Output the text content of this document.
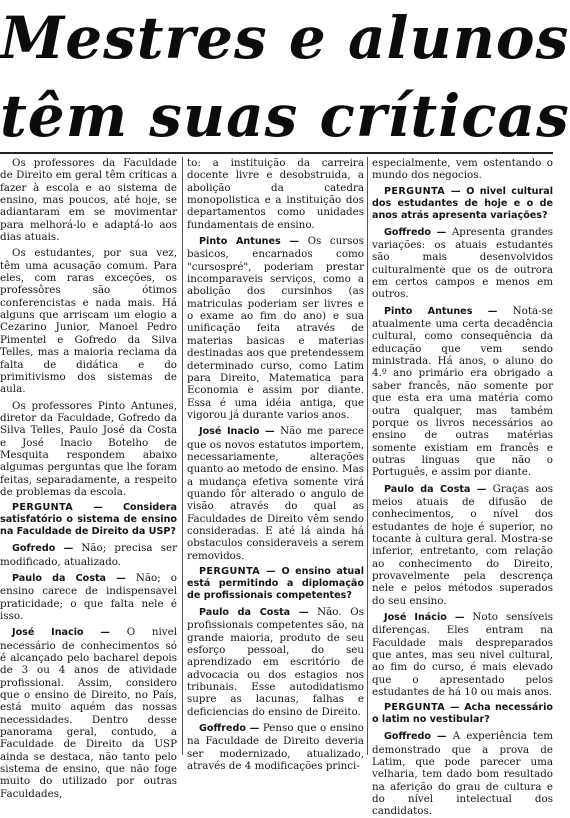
Mestres e alunos
têm suas críticas

Os professores da Faculdade de Direito em geral têm críticas a fazer à escola e ao sistema de ensino, mas poucos, até hoje, se adiantaram em se movimentar para melhorá-lo e adaptá-lo aos dias atuais.

Os estudantes, por sua vez, têm uma acusação comum. Para eles, com raras exceções, os professôres são ótimos conferencistas e nada mais. Há alguns que arriscam um elogio a Cezarino Junior, Manoel Pedro Pimentel e Gofredo da Silva Telles, mas a maioria reclama da falta de didática e do primitivismo dos sistemas de aula.

Os professores Pinto Antunes, diretor da Faculdade, Gofredo da Silva Telles, Paulo José da Costa e José Inacio Botelho de Mesquita respondem abaixo algumas perguntas que lhe foram feitas, separadamente, a respeito de problemas da escola.

PERGUNTA — Considera satisfatório o sistema de ensino na Faculdade de Direito da USP?

Gofredo — Não; precisa ser modificado, atualizado.

Paulo da Costa — Não; o ensino carece de indispensavel praticidade; o que falta nele é isso.

José Inacio — O nivel necessário de conhecimentos só é alcançado pelo bacharel depois de 3 ou 4 anos de atividade profissional. Assim, considero que o ensino de Direito, no País, está muito aquém das nossas necessidades. Dentro desse panorama geral, contudo, a Faculdade de Direito da USP ainda se destaca, não tanto pelo sistema de ensino, que não foge muito do utilizado por outras Faculdades,

to: a instituição da carreira docente livre e desobstruida, a abolição da catedra monopolistica e a instituição dos departamentos como unidades fundamentais de ensino.

Pinto Antunes — Os cursos basicos, encarnados como "cursospré", poderiam prestar incomparaveis serviços, como a abolição dos cursinhos (as matriculas poderiam ser livres e o exame ao fim do ano) e sua unificação feita através de materias basicas e materias destinadas aos que pretendessem determinado curso, como Latim para Direito, Matematica para Economia e assim por diante. Essa é uma idéia antiga, que vigorou já durante varios anos.

José Inacio — Não me parece que os novos estatutos importem, necessariamente, alterações quanto ao metodo de ensino. Mas a mudança efetiva somente virá quando fôr alterado o angulo de visão através do qual as Faculdades de Direito vêm sendo consideradas. E até lá ainda há obstaculos consideraveis a serem removidos.

PERGUNTA — O ensino atual está permitindo a diplomação de profissionais competentes?

Paulo da Costa — Não. Os profissionais competentes são, na grande maioria, produto de seu esforço pessoal, do seu aprendizado em escritório de advocacia ou dos estagios nos tribunais. Esse autodidatismo supre as lacunas, falhas e deficiencias do ensino de Direito.

Goffredo — Penso que o ensino na Faculdade de Direito deveria ser modernizado, atualizado, através de 4 modificações princi-

especialmente, vem ostentando o mundo dos negocios.

PERGUNTA — O nivel cultural dos estudantes de hoje e o de anos atrás apresenta variações?

Goffredo — Apresenta grandes variações: os atuais estudantes são mais desenvolvidos culturalmente que os de outrora em certos campos e menos em outros.

Pinto Antunes — Nota-se atualmente uma certa decadência cultural, como consequência da educação que vem sendo ministrada. Há anos, o aluno do 4.º ano primário era obrigado a saber francês, não somente por que esta era uma matéria como outra qualquer, mas também porque os livros necessários ao ensino de outras matérias somente existiam em francês e outras linguas que não o Português, e assim por diante.

Paulo da Costa — Graças aos meios atuais de difusão de conhecimentos, o nível dos estudantes de hoje é superior, no tocante à cultura geral. Mostra-se inferior, entretanto, com relação ao conhecimento do Direito, provavelmente pela descrença nele e pelos métodos superados do seu ensino.

José Inácio — Noto sensíveis diferenças. Eles entram na Faculdade mais despreparados que antes, mas seu nivel cultural, ao fim do curso, é mais elevado que o apresentado pelos estudantes de há 10 ou mais anos.

PERGUNTA — Acha necessário o latim no vestibular?

Goffredo — A experiência tem demonstrado que a prova de Latim, que pode parecer uma velharia, tem dado bom resultado na aferição do grau de cultura e do nível intelectual dos candidatos.
